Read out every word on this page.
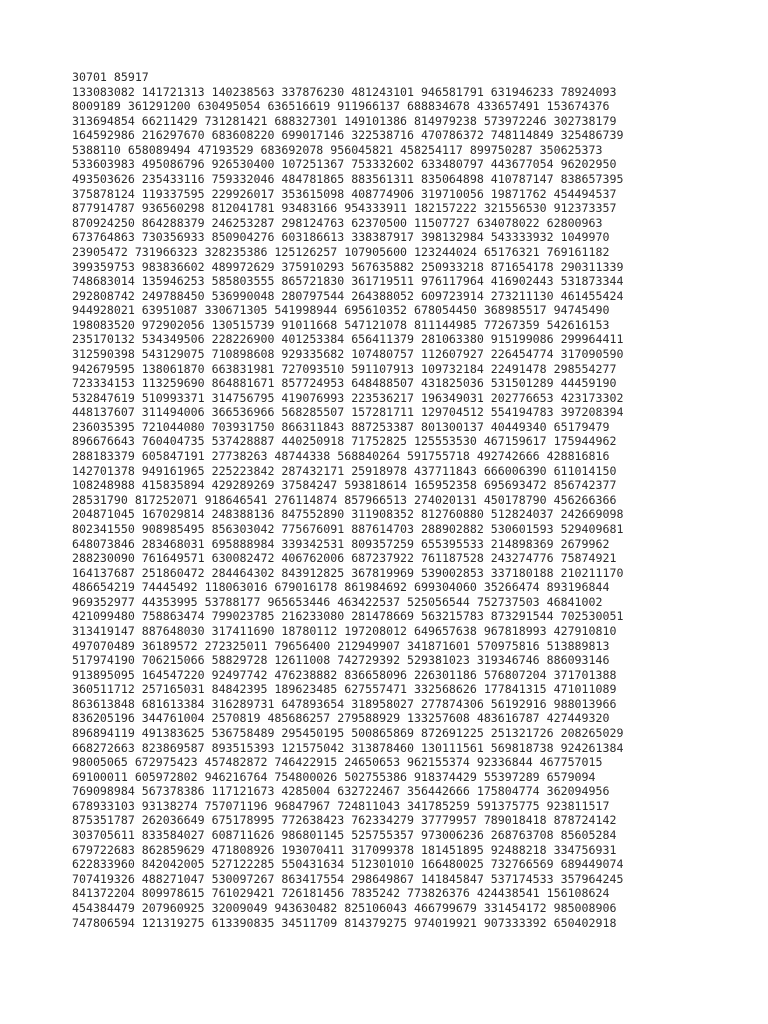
30701 85917
133083082 141721313 140238563 337876230 481243101 946581791 631946233 78924093
8009189 361291200 630495054 636516619 911966137 688834678 433657491 153674376
313694854 66211429 731281421 688327301 149101386 814979238 573972246 302738179
164592986 216297670 683608220 699017146 322538716 470786372 748114849 325486739
5388110 658089494 47193529 683692078 956045821 458254117 899750287 350625373
533603983 495086796 926530400 107251367 753332602 633480797 443677054 96202950
493503626 235433116 759332046 484781865 883561311 835064898 410787147 838657395
375878124 119337595 229926017 353615098 408774906 319710056 19871762 454494537
877914787 936560298 812041781 93483166 954333911 182157222 321556530 912373357
870924250 864288379 246253287 298124763 62370500 11507727 634078022 62800963
673764863 730356933 850904276 603186613 338387917 398132984 543333932 1049970
23905472 731966323 328235386 125126257 107905600 123244024 65176321 769161182
399359753 983836602 489972629 375910293 567635882 250933218 871654178 290311339
748683014 135946253 585803555 865721830 361719511 976117964 416902443 531873344
292808742 249788450 536990048 280797544 264388052 609723914 273211130 461455424
944928021 63951087 330671305 541998944 695610352 678054450 368985517 94745490
198083520 972902056 130515739 91011668 547121078 811144985 77267359 542616153
235170132 534349506 228226900 401253384 656411379 281063380 915199086 299964411
312590398 543129075 710898608 929335682 107480757 112607927 226454774 317090590
942679595 138061870 663831981 727093510 591107913 109732184 22491478 298554277
723334153 113259690 864881671 857724953 648488507 431825036 531501289 44459190
532847619 510993371 314756795 419076993 223536217 196349031 202776653 423173302
448137607 311494006 366536966 568285507 157281711 129704512 554194783 397208394
236035395 721044080 703931750 866311843 887253387 801300137 40449340 65179479
896676643 760404735 537428887 440250918 71752825 125553530 467159617 175944962
288183379 605847191 27738263 48744338 568840264 591755718 492742666 428816816
142701378 949161965 225223842 287432171 25918978 437711843 666006390 611014150
108248988 415835894 429289269 37584247 593818614 165952358 695693472 856742377
28531790 817252071 918646541 276114874 857966513 274020131 450178790 456266366
204871045 167029814 248388136 847552890 311908352 812760880 512824037 242669098
802341550 908985495 856303042 775676091 887614703 288902882 530601593 529409681
648073846 283468031 695888984 339342531 809357259 655395533 214898369 2679962
288230090 761649571 630082472 406762006 687237922 761187528 243274776 75874921
164137687 251860472 284464302 843912825 367819969 539002853 337180188 210211170
486654219 74445492 118063016 679016178 861984692 699304060 35266474 893196844
969352977 44353995 53788177 965653446 463422537 525056544 752737503 46841002
421099480 758863474 799023785 216233080 281478669 563215783 873291544 702530051
313419147 887648030 317411690 18780112 197208012 649657638 967818993 427910810
497070489 36189572 272325011 79656400 212949907 341871601 570975816 513889813
517974190 706215066 58829728 12611008 742729392 529381023 319346746 886093146
913895095 164547220 92497742 476238882 836658096 226301186 576807204 371701388
360511712 257165031 84842395 189623485 627557471 332568626 177841315 471011089
863613848 681613384 316289731 647893654 318958027 277874306 56192916 988013966
836205196 344761004 2570819 485686257 279588929 133257608 483616787 427449320
896894119 491383625 536758489 295450195 500865869 872691225 251321726 208265029
668272663 823869587 893515393 121575042 313878460 130111561 569818738 924261384
98005065 672975423 457482872 746422915 24650653 962155374 92336844 467757015
69100011 605972802 946216764 754800026 502755386 918374429 55397289 6579094
769098984 567378386 117121673 4285004 632722467 356442666 175804774 362094956
678933103 93138274 757071196 96847967 724811043 341785259 591375775 923811517
875351787 262036649 675178995 772638423 762334279 37779957 789018418 878724142
303705611 833584027 608711626 986801145 525755357 973006236 268763708 85605284
679722683 862859629 471808926 193070411 317099378 181451895 92488218 334756931
622833960 842042005 527122285 550431634 512301010 166480025 732766569 689449074
707419326 488271047 530097267 863417554 298649867 141845847 537174533 357964245
841372204 809978615 761029421 726181456 7835242 773826376 424438541 156108624
454384479 207960925 32009049 943630482 825106043 466799679 331454172 985008906
747806594 121319275 613390835 34511709 814379275 974019921 907333392 650402918
